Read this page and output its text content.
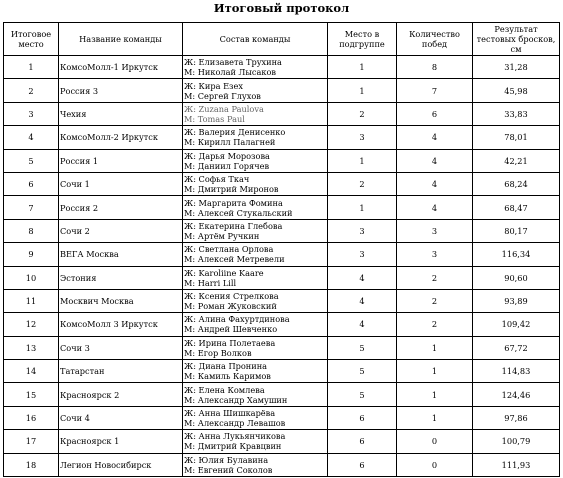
Итоговый протокол
Итоговое место	Название команды	Состав команды	Место в подгруппе	Количество побед	Результат тестовых бросков, см
1	КомсоМолл-1 Иркутск	Ж: Елизавета Трухина
М: Николай Лысаков	1	8	31,28
2	Россия 3	Ж: Кира Езех
М: Сергей Глухов	1	7	45,98
3	Чехия	Ж: Zuzana Paulova
М: Tomas Paul	2	6	33,83
4	КомсоМолл-2 Иркутск	Ж: Валерия Денисенко
М: Кирилл Палагней	3	4	78,01
5	Россия 1	Ж: Дарья Морозова
М: Даниил Горячев	1	4	42,21
6	Сочи 1	Ж: Софья Ткач
М: Дмитрий Миронов	2	4	68,24
7	Россия 2	Ж: Маргарита Фомина
М: Алексей Стукальский	1	4	68,47
8	Сочи 2	Ж: Екатерина Глебова
М: Артём Ручкин	3	3	80,17
9	ВЕГА Москва	Ж: Светлана Орлова
М: Алексей Метревели	3	3	116,34
10	Эстония	Ж: Karoliine Kaare
М: Harri Lill	4	2	90,60
11	Москвич Москва	Ж: Ксения Стрелкова
М: Роман Жуковский	4	2	93,89
12	КомсоМолл 3 Иркутск	Ж: Алина Фахуртдинова
М: Андрей Шевченко	4	2	109,42
13	Сочи 3	Ж: Ирина Полетаева
М: Егор Волков	5	1	67,72
14	Татарстан	Ж: Диана Пронина
М: Камиль Каримов	5	1	114,83
15	Красноярск 2	Ж: Елена Комлева
М: Александр Хамушин	5	1	124,46
16	Сочи 4	Ж: Анна Шишкарёва
М: Александр Левашов	6	1	97,86
17	Красноярск 1	Ж: Анна Лукьянчикова
М: Дмитрий Кравцвин	6	0	100,79
18	Легион Новосибирск	Ж: Юлия Булавина
М: Евгений Соколов	6	0	111,93
